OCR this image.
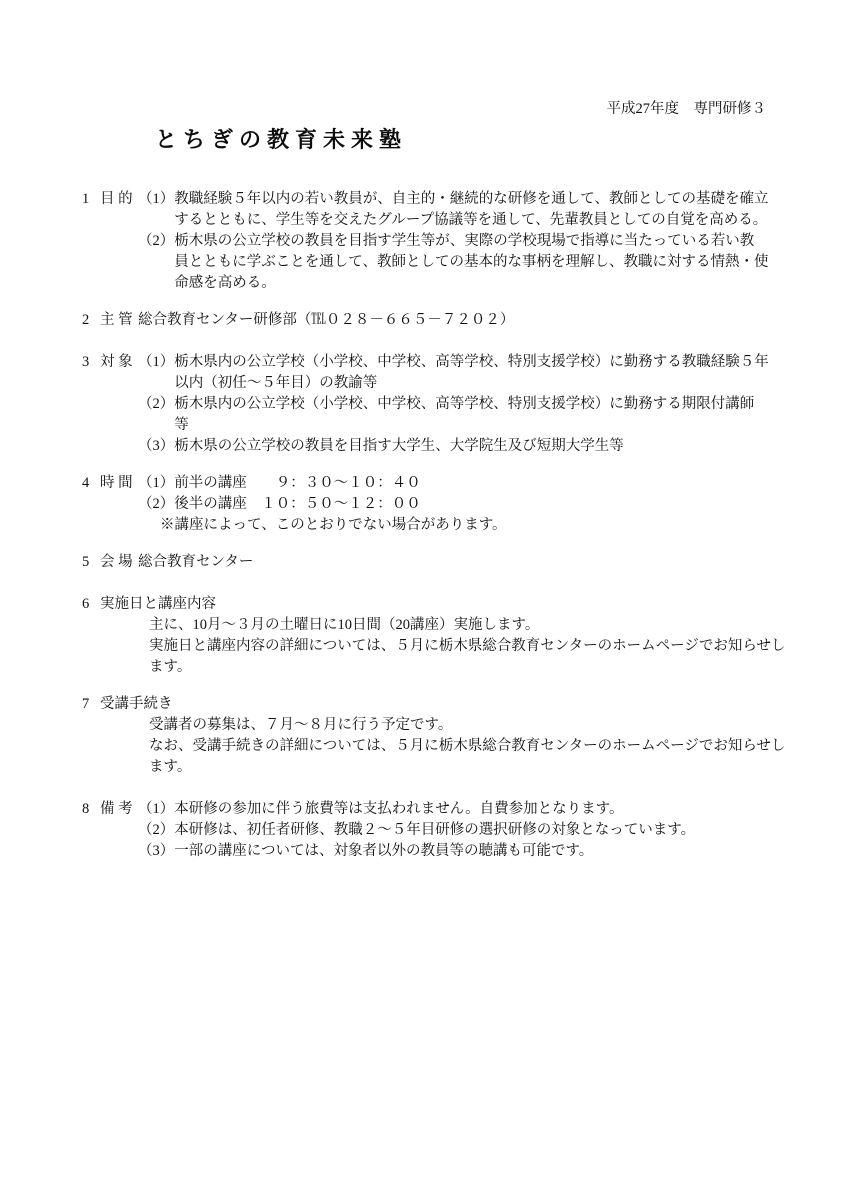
平成27年度　専門研修３
とちぎの教育未来塾
1 目 的 （1） 教職経験５年以内の若い教員が、自主的・継続的な研修を通して、教師としての基礎を確立
するとともに、学生等を交えたグループ協議等を通して、先輩教員としての自覚を高める。
（2） 栃木県の公立学校の教員を目指す学生等が、実際の学校現場で指導に当たっている若い教
員とともに学ぶことを通して、教師としての基本的な事柄を理解し、教職に対する情熱・使
命感を高める。
2 主 管 総合教育センター研修部（℡０２８－６６５－７２０２）
3 対 象 （1） 栃木県内の公立学校（小学校、中学校、高等学校、特別支援学校）に勤務する教職経験５年
以内（初任～５年目）の教諭等
（2） 栃木県内の公立学校（小学校、中学校、高等学校、特別支援学校）に勤務する期限付講師
等
（3） 栃木県の公立学校の教員を目指す大学生、大学院生及び短期大学生等
4 時 間 （1） 前半の講座　　９：３０～１０：４０
（2） 後半の講座　１０：５０～１２：００
※講座によって、このとおりでない場合があります。
5 会 場 総合教育センター
6 実施日と講座内容
主に、10月～３月の土曜日に10日間（20講座）実施します。
実施日と講座内容の詳細については、５月に栃木県総合教育センターのホームページでお知らせし
ます。
7 受講手続き
受講者の募集は、７月～８月に行う予定です。
なお、受講手続きの詳細については、５月に栃木県総合教育センターのホームページでお知らせし
ます。
8 備 考 （1） 本研修の参加に伴う旅費等は支払われません。自費参加となります。
（2） 本研修は、初任者研修、教職２～５年目研修の選択研修の対象となっています。
（3） 一部の講座については、対象者以外の教員等の聴講も可能です。
